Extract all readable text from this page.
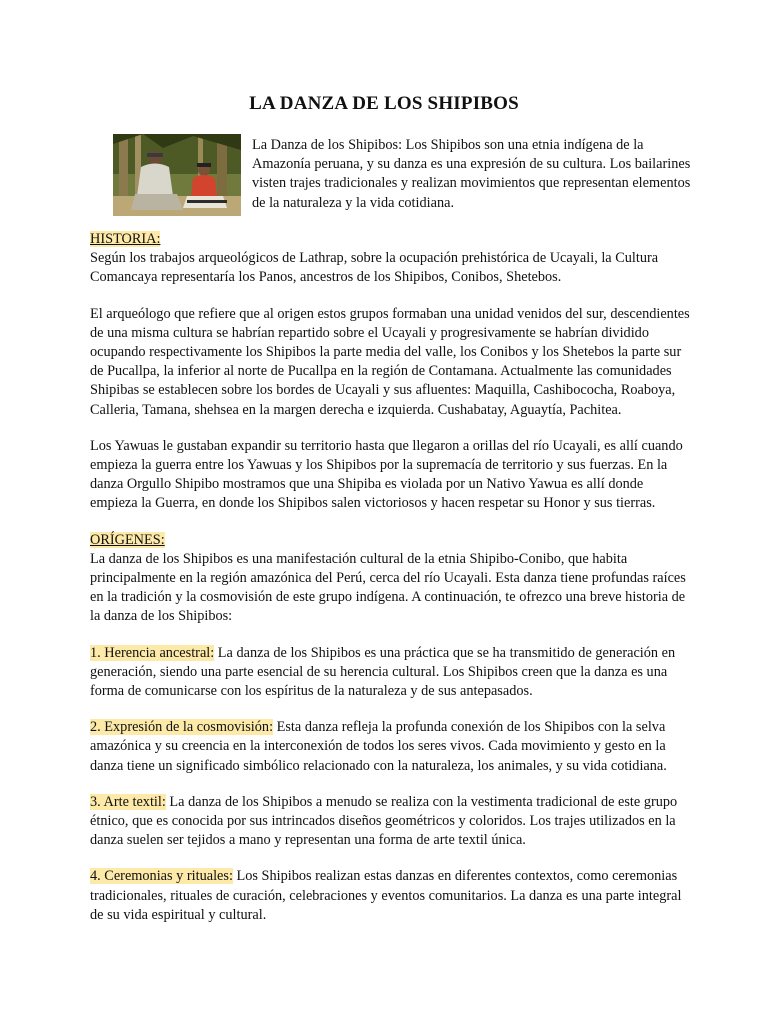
LA DANZA DE LOS SHIPIBOS

La Danza de los Shipibos: Los Shipibos son una etnia indígena de la Amazonía peruana, y su danza es una expresión de su cultura. Los bailarines visten trajes tradicionales y realizan movimientos que representan elementos de la naturaleza y la vida cotidiana.

HISTORIA:

Según los trabajos arqueológicos de Lathrap, sobre la ocupación prehistórica de Ucayali, la Cultura Comancaya representaría los Panos, ancestros de los Shipibos, Conibos, Shetebos.

El arqueólogo que refiere que al origen estos grupos formaban una unidad venidos del sur, descendientes de una misma cultura se habrían repartido sobre el Ucayali y progresivamente se habrían dividido ocupando respectivamente los Shipibos la parte media del valle, los Conibos y los Shetebos la parte sur de Pucallpa, la inferior al norte de Pucallpa en la región de Contamana. Actualmente las comunidades Shipibas se establecen sobre los bordes de Ucayali y sus afluentes: Maquilla, Cashibococha, Roaboya, Calleria, Tamana, shehsea en la margen derecha e izquierda. Cushabatay, Aguaytía, Pachitea.

Los Yawuas le gustaban expandir su territorio hasta que llegaron a orillas del río Ucayali, es allí cuando empieza la guerra entre los Yawuas y los Shipibos por la supremacía de territorio y sus fuerzas. En la danza Orgullo Shipibo mostramos que una Shipiba es violada por un Nativo Yawua es allí donde empieza la Guerra, en donde los Shipibos salen victoriosos y hacen respetar su Honor y sus tierras.

ORÍGENES:

La danza de los Shipibos es una manifestación cultural de la etnia Shipibo-Conibo, que habita principalmente en la región amazónica del Perú, cerca del río Ucayali. Esta danza tiene profundas raíces en la tradición y la cosmovisión de este grupo indígena. A continuación, te ofrezco una breve historia de la danza de los Shipibos:

1. Herencia ancestral: La danza de los Shipibos es una práctica que se ha transmitido de generación en generación, siendo una parte esencial de su herencia cultural. Los Shipibos creen que la danza es una forma de comunicarse con los espíritus de la naturaleza y de sus antepasados.

2. Expresión de la cosmovisión: Esta danza refleja la profunda conexión de los Shipibos con la selva amazónica y su creencia en la interconexión de todos los seres vivos. Cada movimiento y gesto en la danza tiene un significado simbólico relacionado con la naturaleza, los animales, y su vida cotidiana.

3. Arte textil: La danza de los Shipibos a menudo se realiza con la vestimenta tradicional de este grupo étnico, que es conocida por sus intrincados diseños geométricos y coloridos. Los trajes utilizados en la danza suelen ser tejidos a mano y representan una forma de arte textil única.

4. Ceremonias y rituales: Los Shipibos realizan estas danzas en diferentes contextos, como ceremonias tradicionales, rituales de curación, celebraciones y eventos comunitarios. La danza es una parte integral de su vida espiritual y cultural.
